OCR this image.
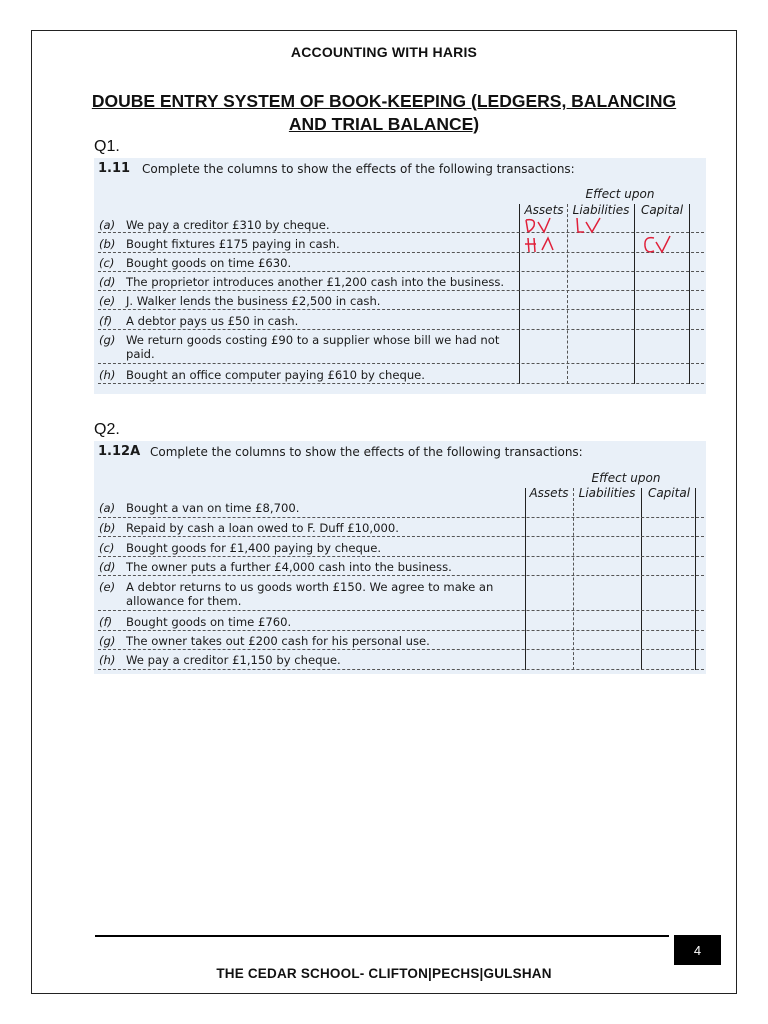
ACCOUNTING WITH HARIS
DOUBE ENTRY SYSTEM OF BOOK-KEEPING (LEDGERS, BALANCING AND TRIAL BALANCE)
Q1.
1.11 Complete the columns to show the effects of the following transactions:
Effect upon
Assets Liabilities Capital
(a) We pay a creditor £310 by cheque.
(b) Bought fixtures £175 paying in cash.
(c) Bought goods on time £630.
(d) The proprietor introduces another £1,200 cash into the business.
(e) J. Walker lends the business £2,500 in cash.
(f) A debtor pays us £50 in cash.
(g) We return goods costing £90 to a supplier whose bill we had not paid.
(h) Bought an office computer paying £610 by cheque.
Q2.
1.12A Complete the columns to show the effects of the following transactions:
Effect upon
Assets Liabilities	Capital
(a) Bought a van on time £8,700.
(b) Repaid by cash a loan owed to F. Duff £10,000.
(c) Bought goods for £1,400 paying by cheque.
(d) The owner puts a further £4,000 cash into the business.
(e) A debtor returns to us goods worth £150. We agree to make an allowance for them.
(f) Bought goods on time £760.
(g) The owner takes out £200 cash for his personal use.
(h) We pay a creditor £1,150 by cheque.
4
THE CEDAR SCHOOL- CLIFTON|PECHS|GULSHAN
